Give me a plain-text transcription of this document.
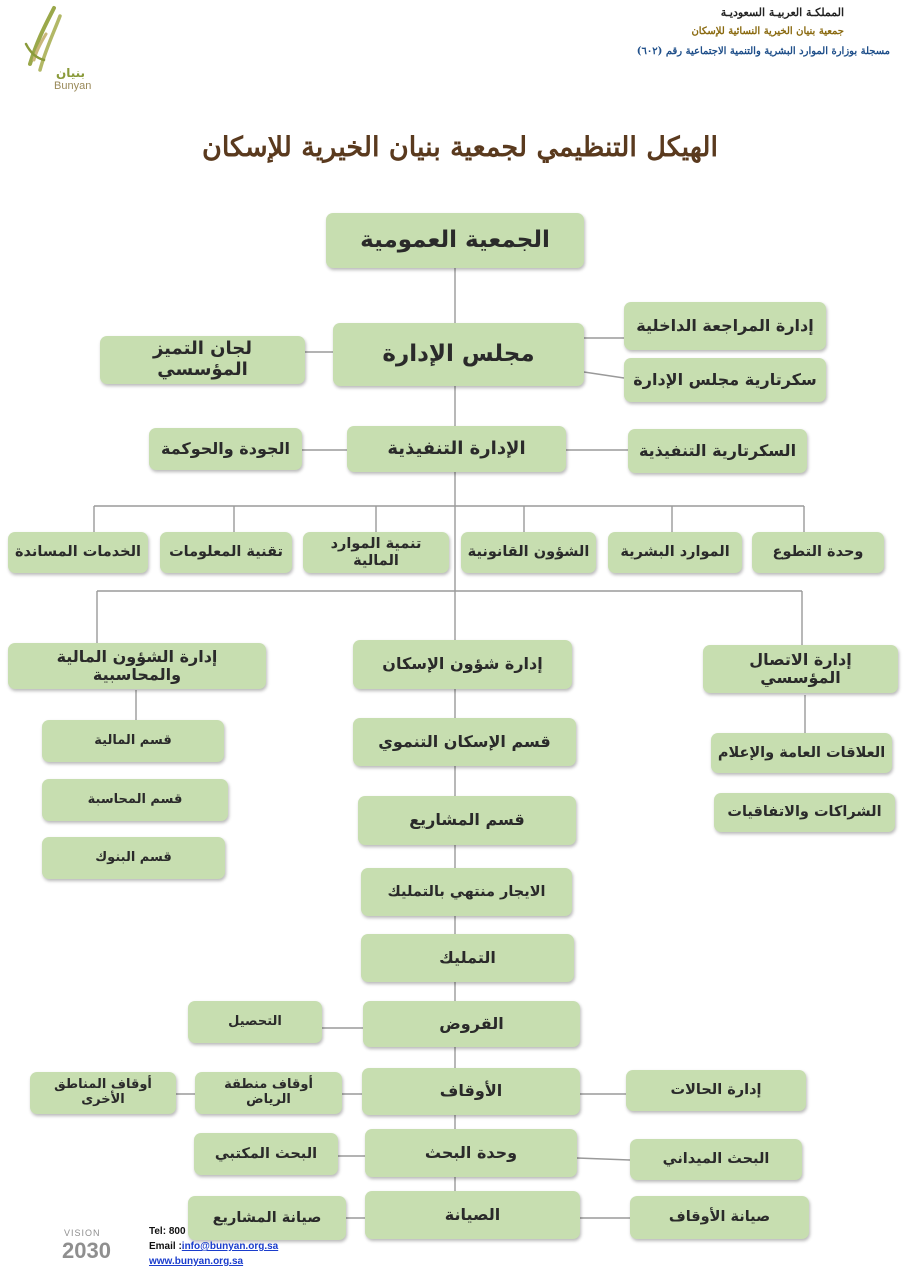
بنيان
Bunyan
المملكـة العربيـة السعوديـة
جمعية بنيان الخيرية النسائية للإسكان
مسجلة بوزارة الموارد البشرية والتنمية الاجتماعية رقم (٦٠٢)
الهيكل التنظيمي لجمعية بنيان الخيرية للإسكان
الجمعية العمومية
مجلس الإدارة
إدارة المراجعة الداخلية
سكرتارية مجلس الإدارة
لجان التميز المؤسسي
الإدارة التنفيذية	السكرتارية التنفيذية
الجودة والحوكمة
وحدة التطوع
الموارد البشرية
الشؤون القانونية
تنمية الموارد المالية
تقنية المعلومات
الخدمات المساندة
إدارة الاتصال المؤسسي
العلاقات العامة والإعلام
الشراكات والاتفاقيات
إدارة شؤون الإسكان
قسم الإسكان التنموي
قسم المشاريع
الايجار منتهي بالتمليك
التمليك
القروض
التحصيل
الأوقاف
أوقاف منطقة الرياض
أوقاف المناطق الأخرى
إدارة الحالات
وحدة البحث
البحث المكتبي	البحث الميداني
الصيانة
صيانة المشاريع	صيانة الأوقاف
إدارة الشؤون المالية والمحاسبية
قسم المالية
قسم المحاسبة
قسم البنوك
VISION
2030
Tel: 800
Email :info@bunyan.org.sa
www.bunyan.org.sa
